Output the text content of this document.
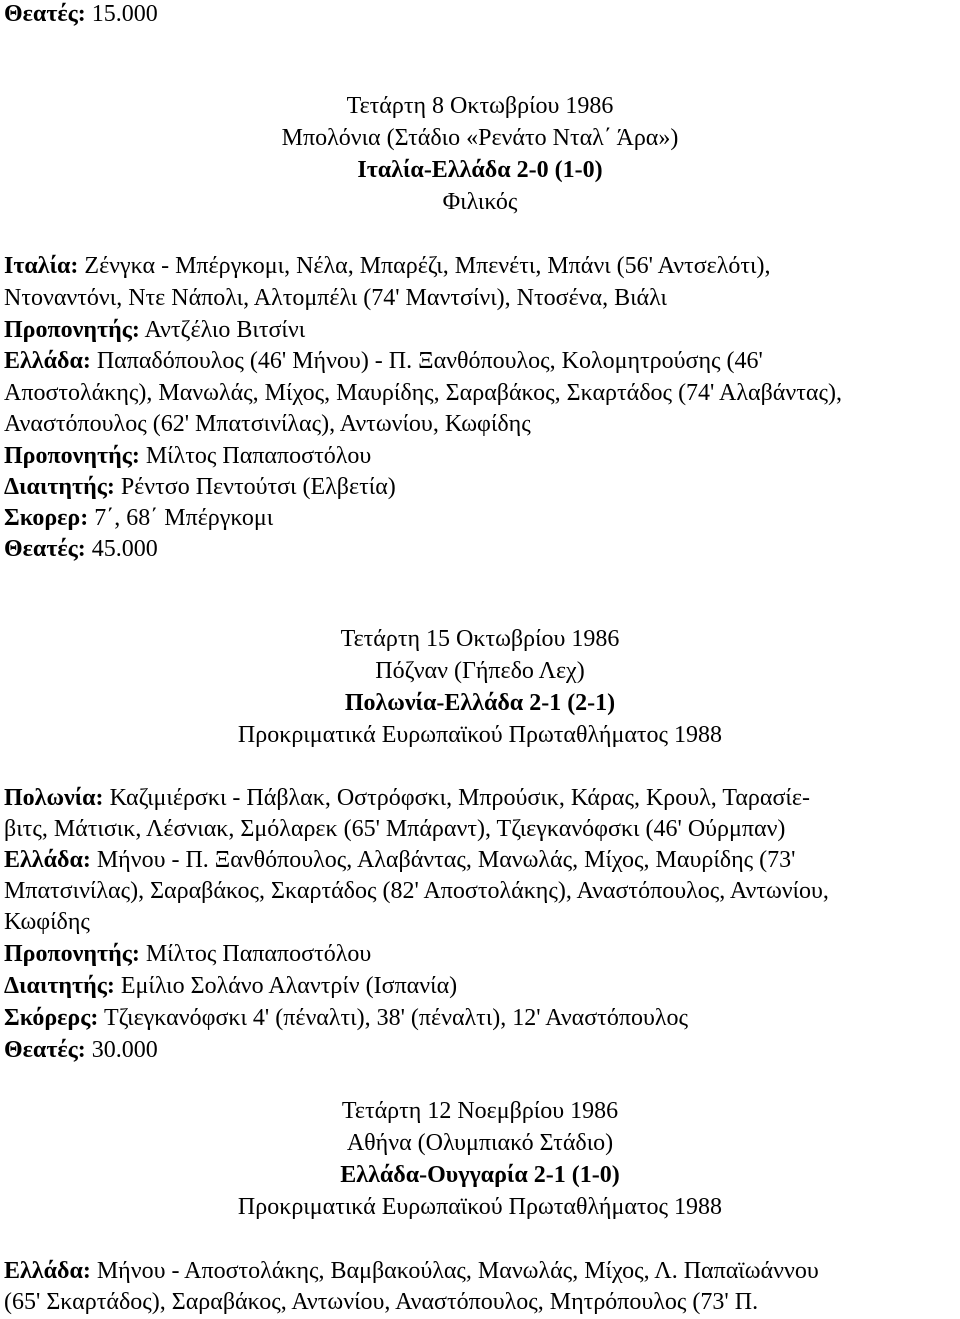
Θεατές: 15.000
Τετάρτη 8 Οκτωβρίου 1986
Μπολόνια (Στάδιο «Ρενάτο Νταλ΄ Άρα»)
Ιταλία-Ελλάδα 2-0 (1-0)
Φιλικός
Ιταλία: Ζένγκα - Μπέργκομι, Νέλα, Μπαρέζι, Μπενέτι, Μπάνι (56' Αντσελότι),
Ντοναντόνι, Ντε Νάπολι, Αλτομπέλι (74' Μαντσίνι), Ντοσένα, Βιάλι
Προπονητής: Αντζέλιο Βιτσίνι
Ελλάδα: Παπαδόπουλος (46' Μήνου) - Π. Ξανθόπουλος, Κολομητρούσης (46'
Αποστολάκης), Μανωλάς, Μίχος, Μαυρίδης, Σαραβάκος, Σκαρτάδος (74' Αλαβάντας),
Αναστόπουλος (62' Μπατσινίλας), Αντωνίου, Κωφίδης
Προπονητής: Μίλτος Παπαποστόλου
Διαιτητής: Ρέντσο Πεντούτσι (Ελβετία)
Σκορερ: 7΄, 68΄ Μπέργκομι
Θεατές: 45.000
Τετάρτη 15 Οκτωβρίου 1986
Πόζναν (Γήπεδο Λεχ)
Πολωνία-Ελλάδα 2-1 (2-1)
Προκριματικά Ευρωπαϊκού Πρωταθλήματος 1988
Πολωνία: Καζιμιέρσκι - Πάβλακ, Οστρόφσκι, Μπρούσικ, Κάρας, Κρουλ, Ταρασίε-
βιτς, Μάτισικ, Λέσνιακ, Σμόλαρεκ (65' Μπάραντ), Τζιεγκανόφσκι (46' Ούρμπαν)
Ελλάδα: Μήνου - Π. Ξανθόπουλος, Αλαβάντας, Μανωλάς, Μίχος, Μαυρίδης (73'
Μπατσινίλας), Σαραβάκος, Σκαρτάδος (82' Αποστολάκης), Αναστόπουλος, Αντωνίου,
Κωφίδης
Προπονητής: Μίλτος Παπαποστόλου
Διαιτητής: Εμίλιο Σολάνο Αλαντρίν (Ισπανία)
Σκόρερς: Τζιεγκανόφσκι 4' (πέναλτι), 38' (πέναλτι), 12' Αναστόπουλος
Θεατές: 30.000
Τετάρτη 12 Νοεμβρίου 1986
Αθήνα (Ολυμπιακό Στάδιο)
Ελλάδα-Ουγγαρία 2-1 (1-0)
Προκριματικά Ευρωπαϊκού Πρωταθλήματος 1988
Ελλάδα: Μήνου - Αποστολάκης, Βαμβακούλας, Μανωλάς, Μίχος, Λ. Παπαϊωάννου
(65' Σκαρτάδος), Σαραβάκος, Αντωνίου, Αναστόπουλος, Μητρόπουλος (73' Π.
